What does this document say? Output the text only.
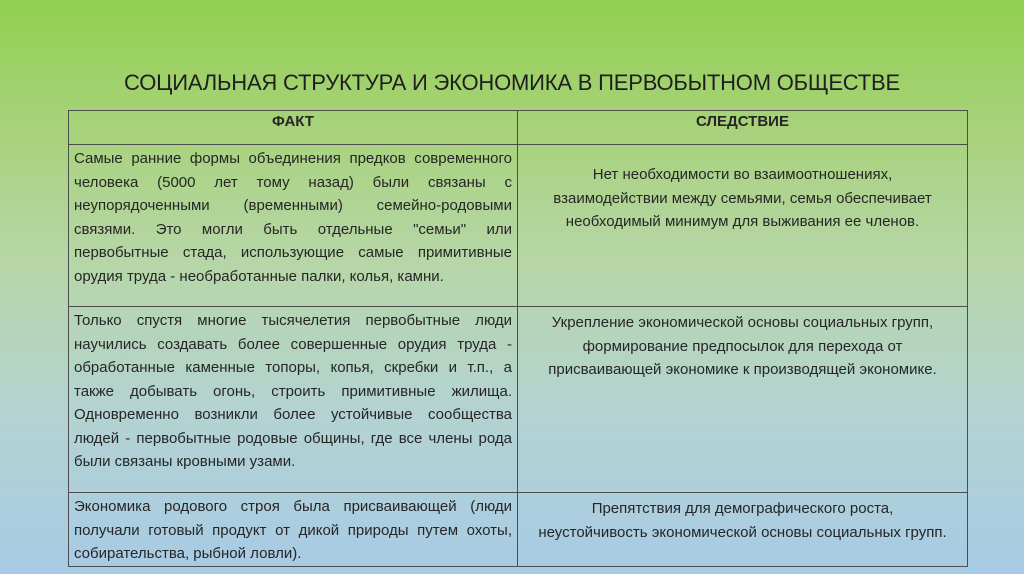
СОЦИАЛЬНАЯ СТРУКТУРА И ЭКОНОМИКА В ПЕРВОБЫТНОМ ОБЩЕСТВЕ
ФАКТ	СЛЕДСТВИЕ
Самые ранние формы объединения предков современного человека (5000 лет тому назад) были связаны с неупорядоченными (временными) семейно-родовыми связями. Это могли быть отдельные "семьи" или первобытные стада, использующие самые примитивные орудия труда - необработанные палки, колья, камни.	Нет необходимости во взаимоотношениях, взаимодействии между семьями, семья обеспечивает необходимый минимум для выживания ее членов.

Только спустя многие тысячелетия первобытные люди научились создавать более совершенные орудия труда - обработанные каменные топоры, копья, скребки и т.п., а также добывать огонь, строить примитивные жилища. Одновременно возникли более устойчивые сообщества людей - первобытные родовые общины, где все члены рода были связаны кровными узами.	Укрепление экономической основы социальных групп, формирование предпосылок для перехода от присваивающей экономике к производящей экономике.

Экономика родового строя была присваивающей (люди получали готовый продукт от дикой природы путем охоты, собирательства, рыбной ловли).	Препятствия для демографического роста, неустойчивость экономической основы социальных групп.
